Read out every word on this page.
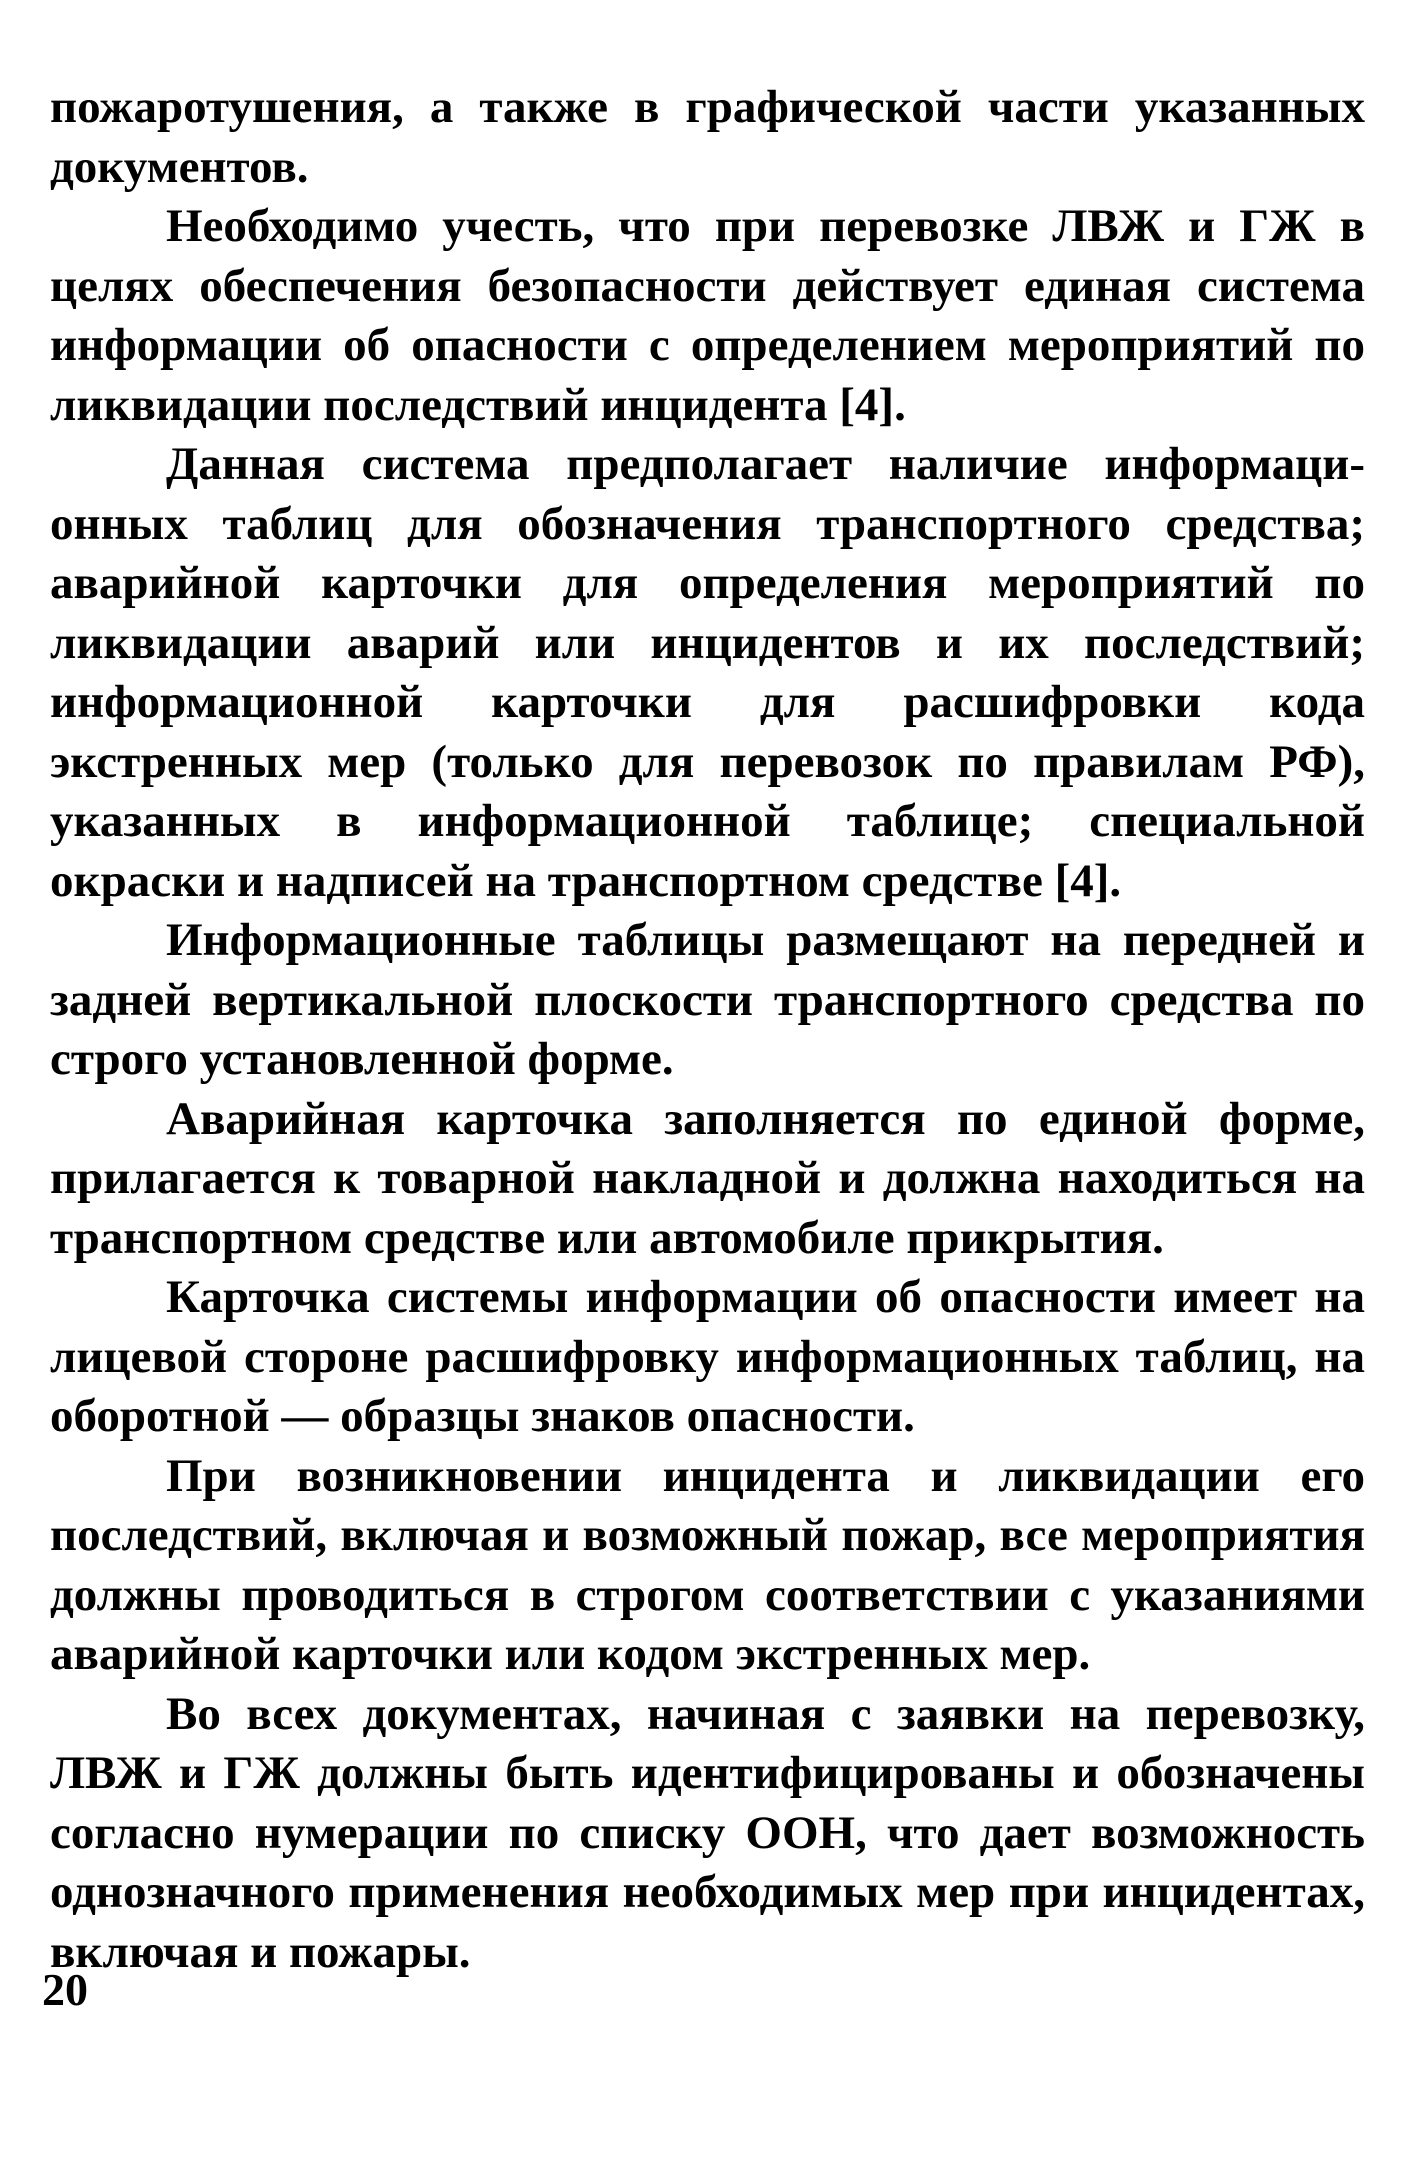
пожаротушения, а также в графической части указанных документов.

Необходимо учесть, что при перевозке ЛВЖ и ГЖ в целях обеспечения безопасности действует единая система информации об опасности с определением мероприятий по ликвидации последствий инцидента [4].

Данная система предполагает наличие информационных таблиц для обозначения транспортного средства; аварийной карточки для определения мероприятий по ликвидации аварий или инцидентов и их последствий; информационной карточки для расшифровки кода экстренных мер (только для перевозок по правилам РФ), указанных в информационной таблице; специальной окраски и надписей на транспортном средстве [4].

Информационные таблицы размещают на передней и задней вертикальной плоскости транспортного средства по строго установленной форме.

Аварийная карточка заполняется по единой форме, прилагается к товарной накладной и должна находиться на транспортном средстве или автомобиле прикрытия.

Карточка системы информации об опасности имеет на лицевой стороне расшифровку информационных таблиц, на оборотной — образцы знаков опасности.

При возникновении инцидента и ликвидации его последствий, включая и возможный пожар, все мероприятия должны проводиться в строгом соответствии с указаниями аварийной карточки или кодом экстренных мер.

Во всех документах, начиная с заявки на перевозку, ЛВЖ и ГЖ должны быть идентифицированы и обозначены согласно нумерации по списку ООН, что дает возможность однозначного применения необходимых мер при инцидентах, включая и пожары.

20
